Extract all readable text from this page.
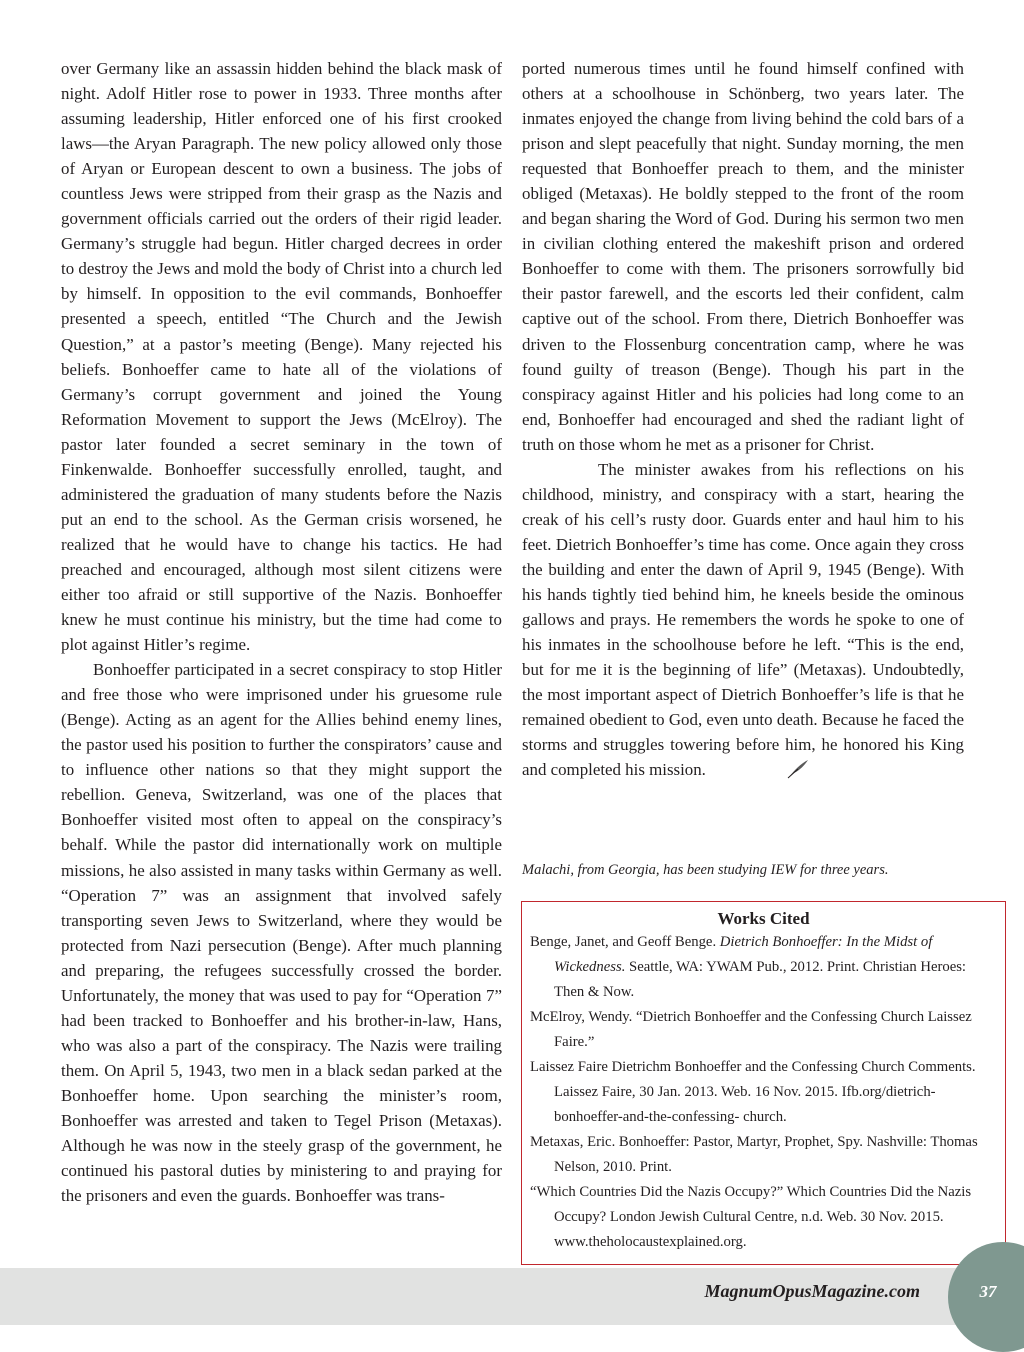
over Germany like an assassin hidden behind the black mask of night. Adolf Hitler rose to power in 1933. Three months after assuming leadership, Hitler enforced one of his first crooked laws—the Aryan Paragraph. The new policy allowed only those of Aryan or European descent to own a business. The jobs of countless Jews were stripped from their grasp as the Nazis and government officials carried out the orders of their rigid leader. Germany’s struggle had begun. Hitler charged decrees in order to destroy the Jews and mold the body of Christ into a church led by himself. In opposition to the evil commands, Bonhoeffer presented a speech, entitled “The Church and the Jewish Question,” at a pastor’s meeting (Benge). Many rejected his beliefs. Bonhoeffer came to hate all of the violations of Germany’s corrupt government and joined the Young Reformation Movement to support the Jews (McElroy). The pastor later founded a secret seminary in the town of Finkenwalde. Bonhoeffer successfully enrolled, taught, and administered the graduation of many students before the Nazis put an end to the school. As the German crisis worsened, he realized that he would have to change his tactics. He had preached and encouraged, although most silent citizens were either too afraid or still supportive of the Nazis. Bonhoeffer knew he must continue his ministry, but the time had come to plot against Hitler’s regime.

Bonhoeffer participated in a secret conspiracy to stop Hitler and free those who were imprisoned under his gruesome rule (Benge). Acting as an agent for the Allies behind enemy lines, the pastor used his position to further the conspirators’ cause and to influence other nations so that they might support the rebellion. Geneva, Switzerland, was one of the places that Bonhoeffer visited most often to appeal on the conspiracy’s behalf. While the pastor did internationally work on multiple missions, he also assisted in many tasks within Germany as well. “Operation 7” was an assignment that involved safely transporting seven Jews to Switzerland, where they would be protected from Nazi persecution (Benge). After much planning and preparing, the refugees successfully crossed the border. Unfortunately, the money that was used to pay for “Operation 7” had been tracked to Bonhoeffer and his brother-in-law, Hans, who was also a part of the conspiracy. The Nazis were trailing them. On April 5, 1943, two men in a black sedan parked at the Bonhoeffer home. Upon searching the minister’s room, Bonhoeffer was arrested and taken to Tegel Prison (Metaxas). Although he was now in the steely grasp of the government, he continued his pastoral duties by ministering to and praying for the prisoners and even the guards. Bonhoeffer was trans-

ported numerous times until he found himself confined with others at a schoolhouse in Schönberg, two years later. The inmates enjoyed the change from living behind the cold bars of a prison and slept peacefully that night. Sunday morning, the men requested that Bonhoeffer preach to them, and the minister obliged (Metaxas). He boldly stepped to the front of the room and began sharing the Word of God. During his sermon two men in civilian clothing entered the makeshift prison and ordered Bonhoeffer to come with them. The prisoners sorrowfully bid their pastor farewell, and the escorts led their confident, calm captive out of the school. From there, Dietrich Bonhoeffer was driven to the Flossenburg concentration camp, where he was found guilty of treason (Benge). Though his part in the conspiracy against Hitler and his policies had long come to an end, Bonhoeffer had encouraged and shed the radiant light of truth on those whom he met as a prisoner for Christ.

The minister awakes from his reflections on his childhood, ministry, and conspiracy with a start, hearing the creak of his cell’s rusty door. Guards enter and haul him to his feet. Dietrich Bonhoeffer’s time has come. Once again they cross the building and enter the dawn of April 9, 1945 (Benge). With his hands tightly tied behind him, he kneels beside the ominous gallows and prays. He remembers the words he spoke to one of his inmates in the schoolhouse before he left. “This is the end, but for me it is the beginning of life” (Metaxas). Undoubtedly, the most important aspect of Dietrich Bonhoeffer’s life is that he remained obedient to God, even unto death. Because he faced the storms and struggles towering before him, he honored his King and completed his mission.

Malachi, from Georgia, has been studying IEW for three years.
Works Cited

Benge, Janet, and Geoff Benge. Dietrich Bonhoeffer: In the Midst of Wickedness. Seattle, WA: YWAM Pub., 2012. Print. Christian Heroes: Then & Now.

McElroy, Wendy. “Dietrich Bonhoeffer and the Confessing Church Laissez Faire.”

Laissez Faire Dietrichm Bonhoeffer and the Confessing Church Comments. Laissez Faire, 30 Jan. 2013. Web. 16 Nov. 2015. Ifb.org/dietrich-bonhoeffer-and-the-confessing- church.

Metaxas, Eric. Bonhoeffer: Pastor, Martyr, Prophet, Spy. Nashville: Thomas Nelson, 2010. Print.

“Which Countries Did the Nazis Occupy?” Which Countries Did the Nazis Occupy? London Jewish Cultural Centre, n.d. Web. 30 Nov. 2015. www.theholocaustexplained.org.

MagnumOpusMagazine.com	37
